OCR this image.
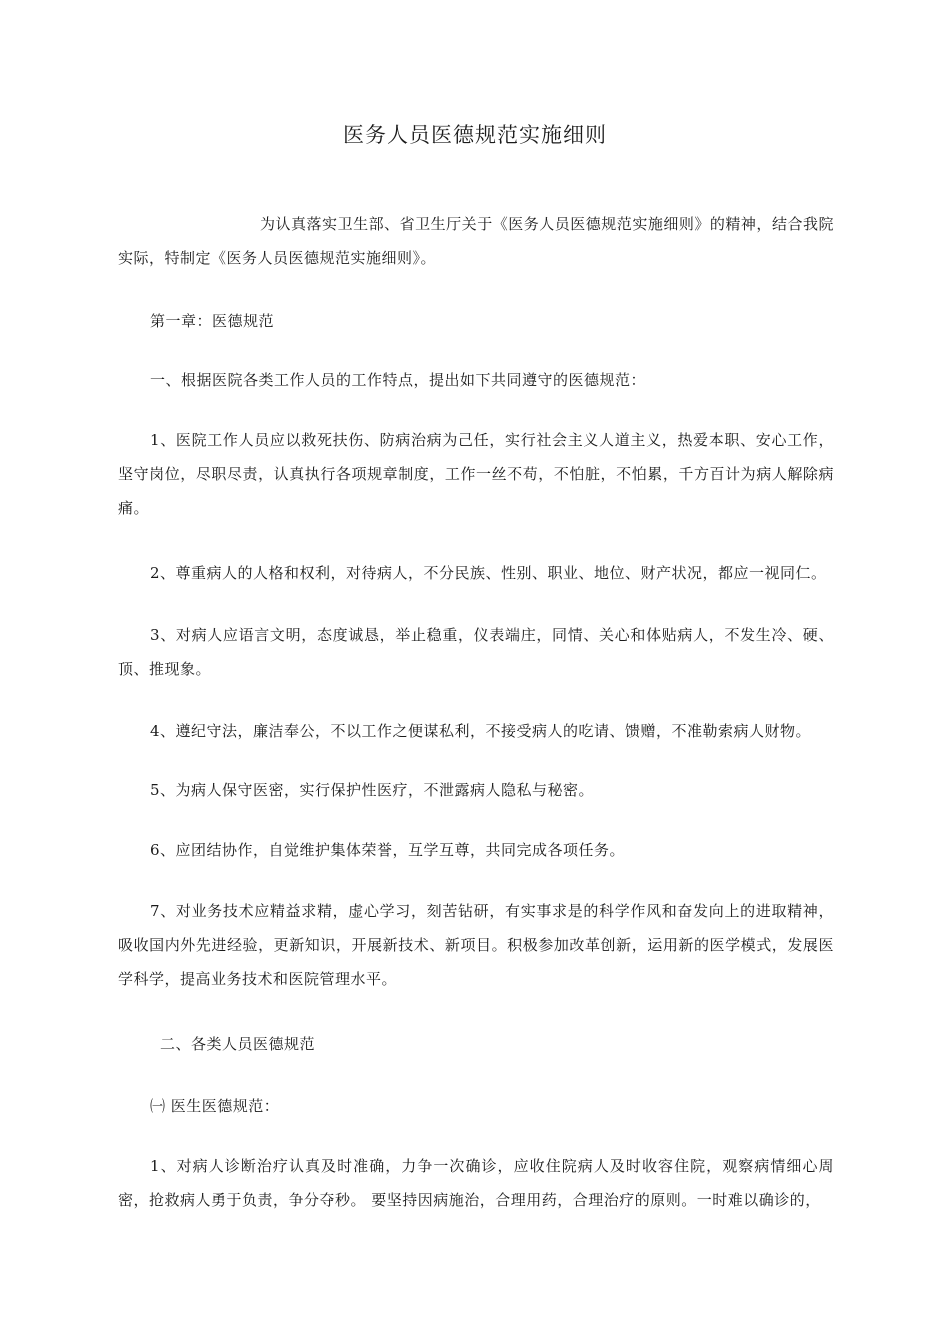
医务人员医德规范实施细则
为认真落实卫生部、省卫生厅关于《医务人员医德规范实施细则》的精神，结合我院实际，特制定《医务人员医德规范实施细则》。
第一章：医德规范
一、根据医院各类工作人员的工作特点，提出如下共同遵守的医德规范：
1、医院工作人员应以救死扶伤、防病治病为己任，实行社会主义人道主义，热爱本职、安心工作，坚守岗位，尽职尽责，认真执行各项规章制度，工作一丝不苟，不怕脏，不怕累，千方百计为病人解除病痛。
2、尊重病人的人格和权利，对待病人，不分民族、性别、职业、地位、财产状况，都应一视同仁。
3、对病人应语言文明，态度诚恳，举止稳重，仪表端庄，同情、关心和体贴病人，不发生冷、硬、顶、推现象。
4、遵纪守法，廉洁奉公，不以工作之便谋私利，不接受病人的吃请、馈赠，不准勒索病人财物。
5、为病人保守医密，实行保护性医疗，不泄露病人隐私与秘密。
6、应团结协作，自觉维护集体荣誉，互学互尊，共同完成各项任务。
7、对业务技术应精益求精，虚心学习，刻苦钻研，有实事求是的科学作风和奋发向上的进取精神，吸收国内外先进经验，更新知识，开展新技术、新项目。积极参加改革创新，运用新的医学模式，发展医学科学，提高业务技术和医院管理水平。
二、各类人员医德规范
㈠ 医生医德规范：
1、对病人诊断治疗认真及时准确，力争一次确诊，应收住院病人及时收容住院，观察病情细心周密，抢救病人勇于负责，争分夺秒。 要坚持因病施治，合理用药，合理治疗的原则。一时难以确诊的，
